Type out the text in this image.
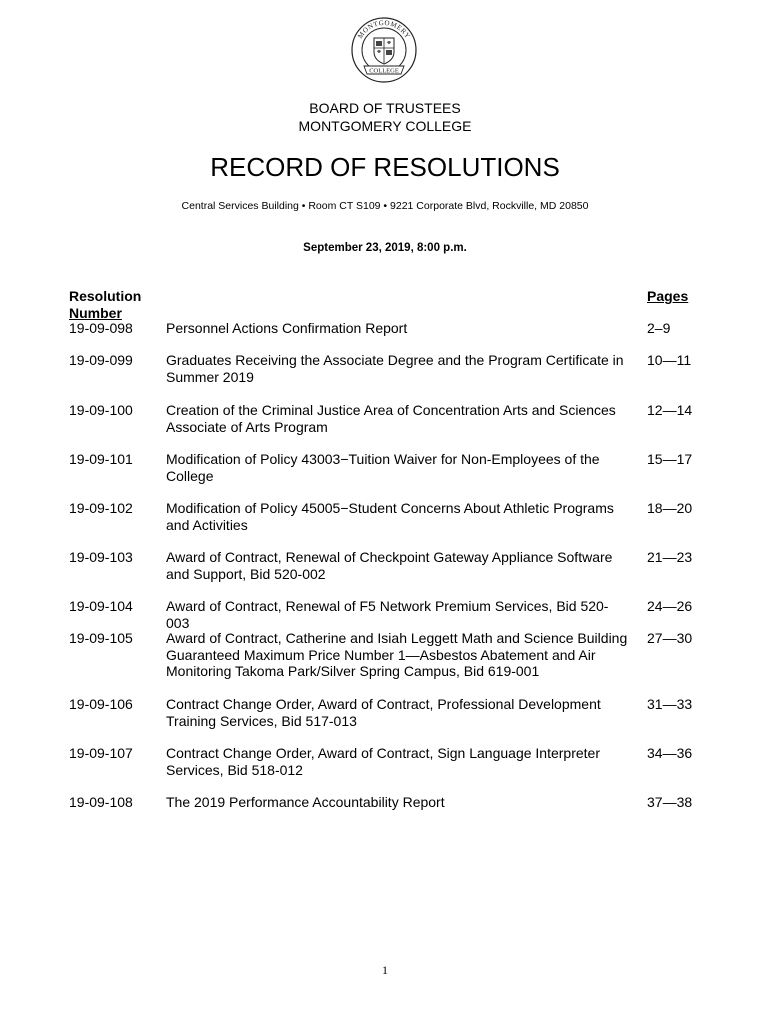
MONTGOMERY
COLLEGE
BOARD OF TRUSTEES
MONTGOMERY COLLEGE
RECORD OF RESOLUTIONS
Central Services Building • Room CT S109 • 9221 Corporate Blvd, Rockville, MD 20850
September 23, 2019, 8:00 p.m.
Resolution
Number
Pages
19-09-098 Personnel Actions Confirmation Report	2–9
19-09-099 Graduates Receiving the Associate Degree and the Program Certificate in Summer 2019
10—11
19-09-100 Creation of the Criminal Justice Area of Concentration Arts and Sciences Associate of Arts Program
12—14
19-09-101 Modification of Policy 43003−Tuition Waiver for Non-Employees of the College
15—17
19-09-102 Modification of Policy 45005−Student Concerns About Athletic Programs and Activities
18—20
19-09-103 Award of Contract, Renewal of Checkpoint Gateway Appliance Software and Support, Bid 520-002
21—23
19-09-104 Award of Contract, Renewal of F5 Network Premium Services, Bid 520-003
24—26
19-09-105 Award of Contract, Catherine and Isiah Leggett Math and Science Building Guaranteed Maximum Price Number 1—Asbestos Abatement and Air Monitoring Takoma Park/Silver Spring Campus, Bid 619-001
27—30
19-09-106 Contract Change Order, Award of Contract, Professional Development Training Services, Bid 517-013
31—33
19-09-107 Contract Change Order, Award of Contract, Sign Language Interpreter Services, Bid 518-012
34—36
19-09-108 The 2019 Performance Accountability Report	37—38
1
